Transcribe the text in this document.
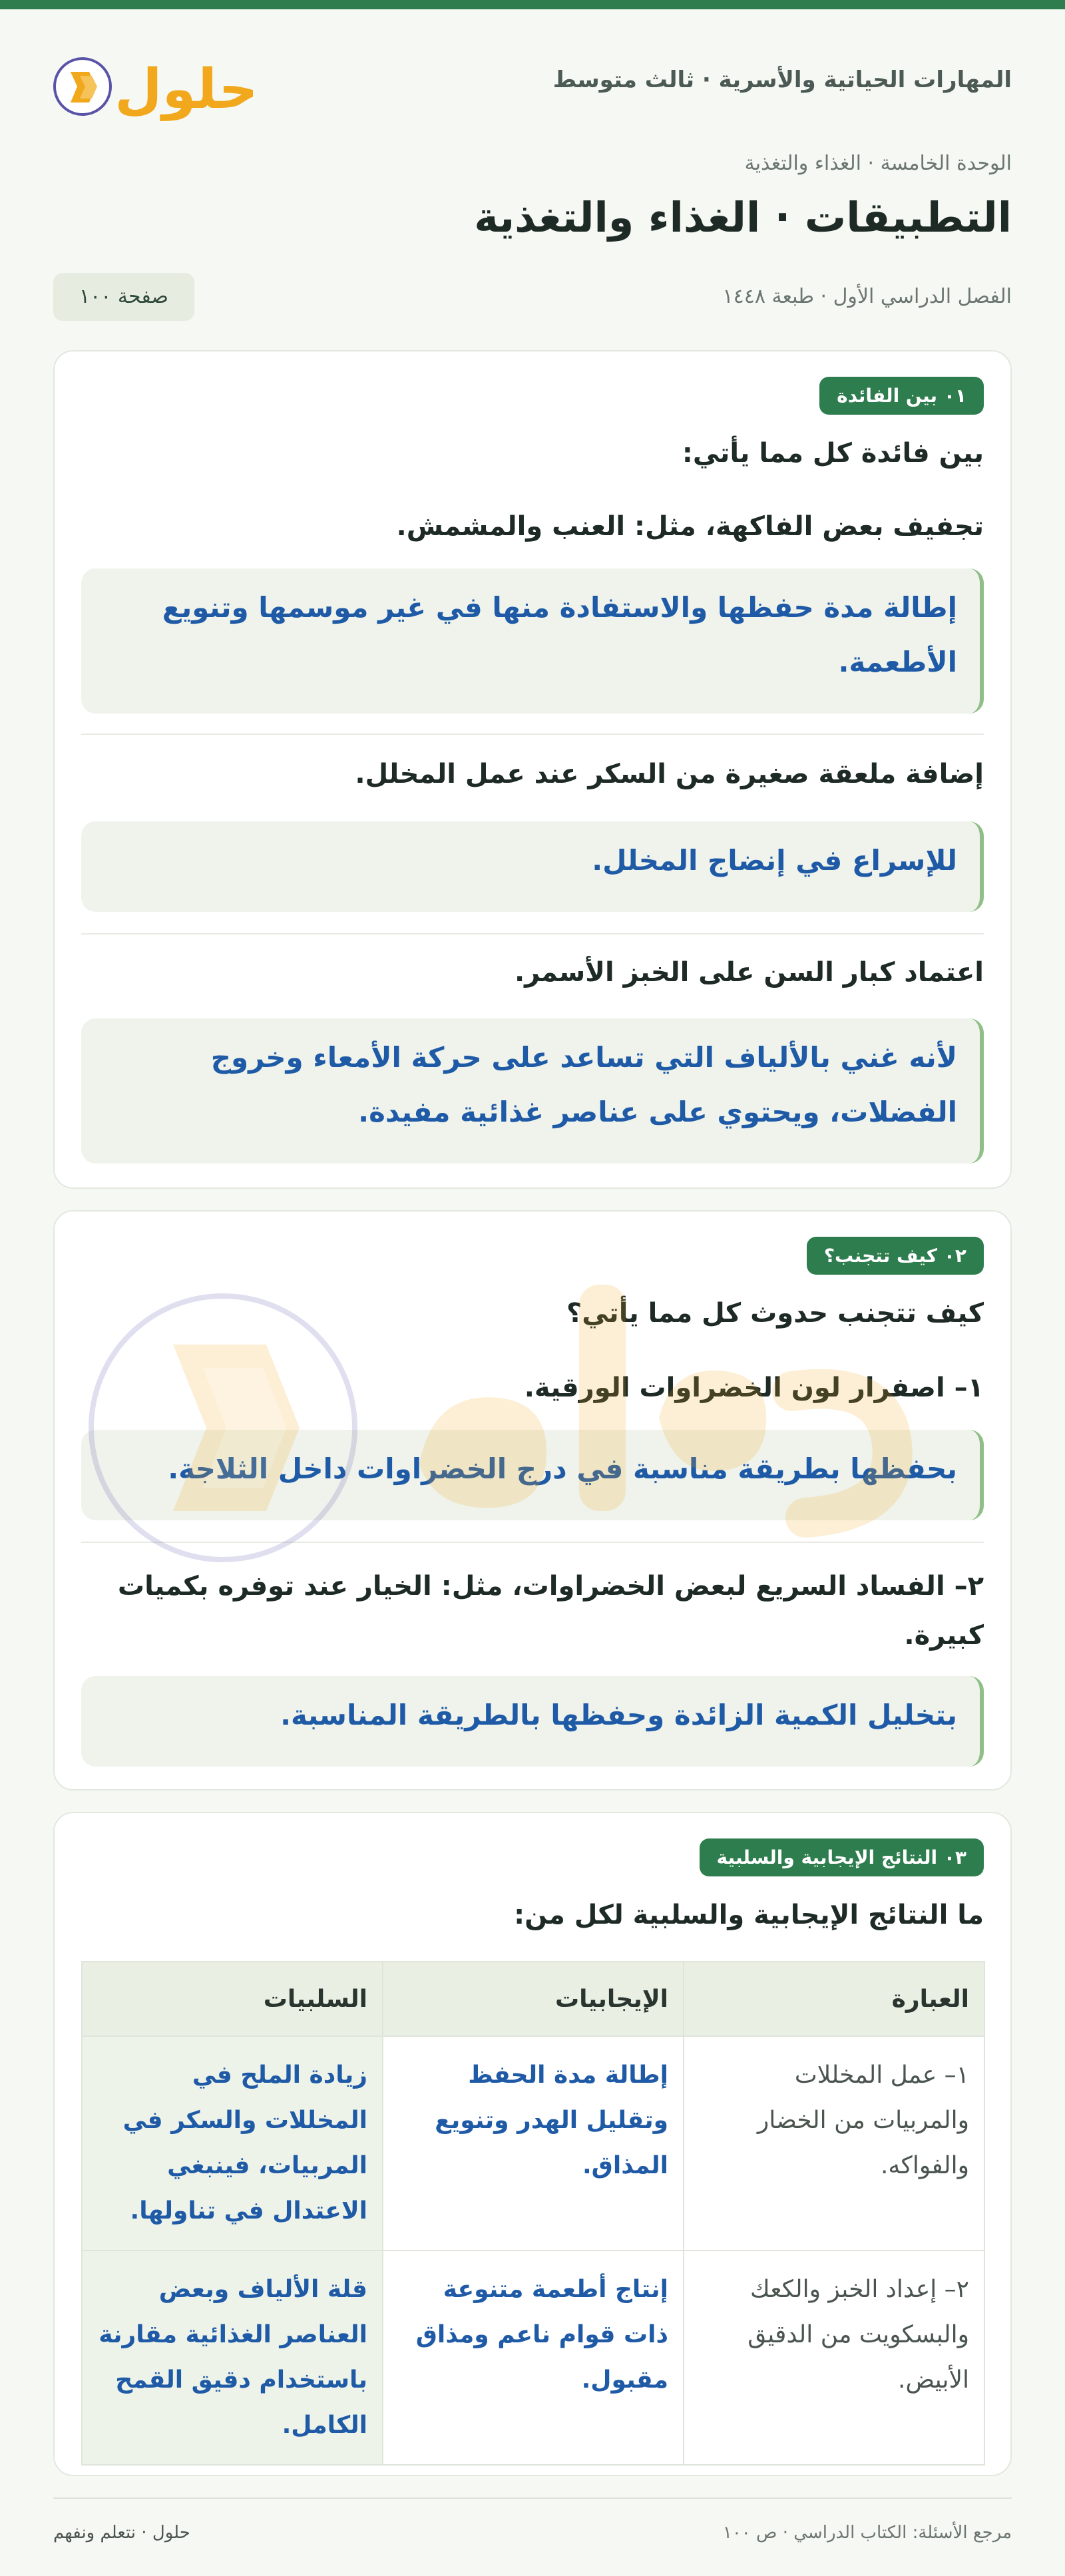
المهارات الحياتية والأسرية · ثالث متوسط
حلول
الوحدة الخامسة · الغذاء والتغذية
التطبيقات · الغذاء والتغذية
الفصل الدراسي الأول · طبعة ١٤٤٨
صفحة ١٠٠
٠١ بين الفائدة
بين فائدة كل مما يأتي:
تجفيف بعض الفاكهة، مثل: العنب والمشمش.
إطالة مدة حفظها والاستفادة منها في غير موسمها وتنويع الأطعمة.
إضافة ملعقة صغيرة من السكر عند عمل المخلل.
للإسراع في إنضاج المخلل.
اعتماد كبار السن على الخبز الأسمر.
لأنه غني بالألياف التي تساعد على حركة الأمعاء وخروج الفضلات، ويحتوي على عناصر غذائية مفيدة.
٠٢ كيف تتجنب؟
كيف تتجنب حدوث كل مما يأتي؟
١– اصفرار لون الخضراوات الورقية.
بحفظها بطريقة مناسبة في درج الخضراوات داخل الثلاجة.
٢– الفساد السريع لبعض الخضراوات، مثل: الخيار عند توفره بكميات كبيرة.
بتخليل الكمية الزائدة وحفظها بالطريقة المناسبة.
٠٣ النتائج الإيجابية والسلبية
ما النتائج الإيجابية والسلبية لكل من:
العبارة	الإيجابيات	السلبيات
١– عمل المخللات والمربيات من الخضار والفواكه.	إطالة مدة الحفظ وتقليل الهدر وتنويع المذاق.	زيادة الملح في المخللات والسكر في المربيات، فينبغي الاعتدال في تناولها.
٢– إعداد الخبز والكعك والبسكويت من الدقيق الأبيض.	إنتاج أطعمة متنوعة ذات قوام ناعم ومذاق مقبول.	قلة الألياف وبعض العناصر الغذائية مقارنة باستخدام دقيق القمح الكامل.
مرجع الأسئلة: الكتاب الدراسي · ص ١٠٠
حلول · نتعلم ونفهم
